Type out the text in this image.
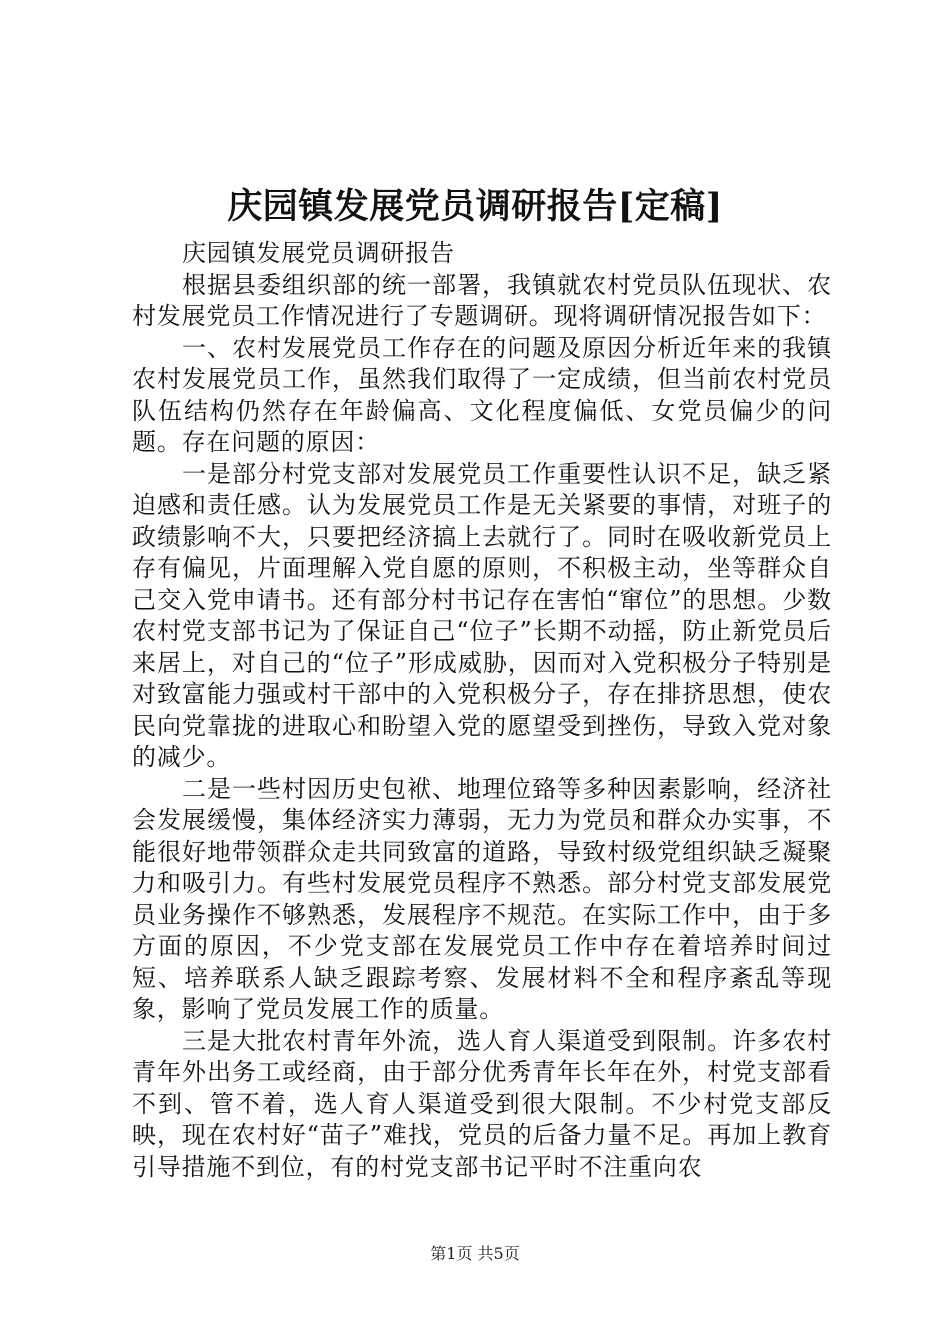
庆园镇发展党员调研报告[定稿]

庆园镇发展党员调研报告

根据县委组织部的统一部署，我镇就农村党员队伍现状、农村发展党员工作情况进行了专题调研。现将调研情况报告如下：

一、农村发展党员工作存在的问题及原因分析近年来的我镇农村发展党员工作，虽然我们取得了一定成绩，但当前农村党员队伍结构仍然存在年龄偏高、文化程度偏低、女党员偏少的问题。存在问题的原因：

一是部分村党支部对发展党员工作重要性认识不足，缺乏紧迫感和责任感。认为发展党员工作是无关紧要的事情，对班子的政绩影响不大，只要把经济搞上去就行了。同时在吸收新党员上存有偏见，片面理解入党自愿的原则，不积极主动，坐等群众自己交入党申请书。还有部分村书记存在害怕“窜位”的思想。少数农村党支部书记为了保证自己“位子”长期不动摇，防止新党员后来居上，对自己的“位子”形成威胁，因而对入党积极分子特别是对致富能力强或村干部中的入党积极分子，存在排挤思想，使农民向党靠拢的进取心和盼望入党的愿望受到挫伤，导致入党对象的减少。

二是一些村因历史包袱、地理位臵等多种因素影响，经济社会发展缓慢，集体经济实力薄弱，无力为党员和群众办实事，不能很好地带领群众走共同致富的道路，导致村级党组织缺乏凝聚力和吸引力。有些村发展党员程序不熟悉。部分村党支部发展党员业务操作不够熟悉，发展程序不规范。在实际工作中，由于多方面的原因，不少党支部在发展党员工作中存在着培养时间过短、培养联系人缺乏跟踪考察、发展材料不全和程序紊乱等现象，影响了党员发展工作的质量。

三是大批农村青年外流，选人育人渠道受到限制。许多农村青年外出务工或经商，由于部分优秀青年长年在外，村党支部看不到、管不着，选人育人渠道受到很大限制。不少村党支部反映，现在农村好“苗子”难找，党员的后备力量不足。再加上教育引导措施不到位，有的村党支部书记平时不注重向农

第1页 共5页
